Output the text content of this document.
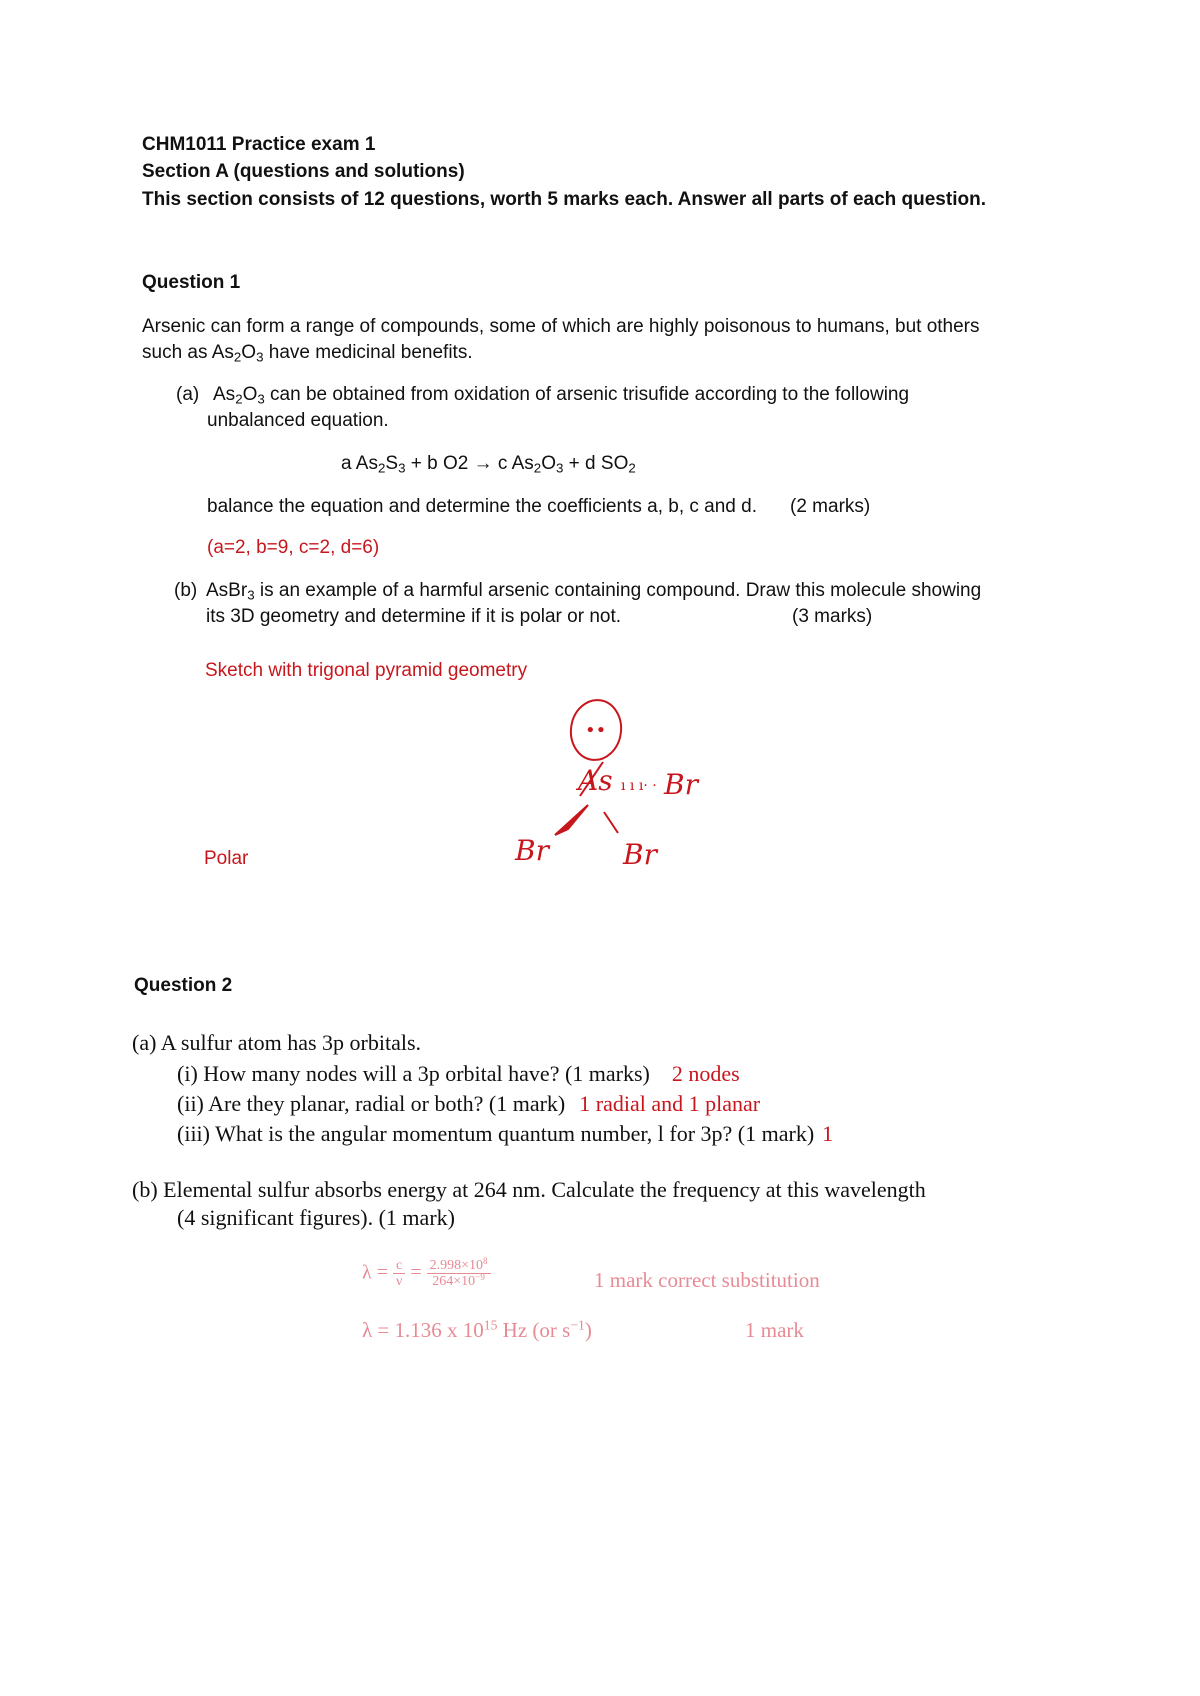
CHM1011 Practice exam 1
Section A (questions and solutions)
This section consists of 12 questions, worth 5 marks each. Answer all parts of each question.
Question 1
Arsenic can form a range of compounds, some of which are highly poisonous to humans, but others
such as $As_2O_3$ have medicinal benefits.
(a) $As_2O_3$ can be obtained from oxidation of arsenic trisufide according to the following
unbalanced equation.
a $As_2S_3 + b$ O2 → c $As_2O_3 + d$ $SO_2$
balance the equation and determine the coefficients a, b, c and d. (2 marks)
(a=2, b=9, c=2, d=6)
(b) AsBr$_3$ is an example of a harmful arsenic containing compound. Draw this molecule showing
its 3D geometry and determine if it is polar or not.	(3 marks)
Sketch with trigonal pyramid geometry
Polar
••
As ı ı ı· · Br
Br	Br
Question 2
(a) A sulfur atom has 3p orbitals.
(i) How many nodes will a 3p orbital have? (1 marks) 2 nodes
(ii) Are they planar, radial or both? (1 mark) 1 radial and 1 planar
(iii) What is the angular momentum quantum number, l for 3p? (1 mark) 1
(b) Elemental sulfur absorbs energy at 264 nm. Calculate the frequency at this wavelength
(4 significant figures). (1 mark)
$\lambda = \frac{c}{\nu} = \frac{2.998\times 10^8}{264\times 10^{-9}}$	1 mark correct substitution
λ = 1.136 x $10^{15}$ Hz (or $s^{-1}$)	1 mark
